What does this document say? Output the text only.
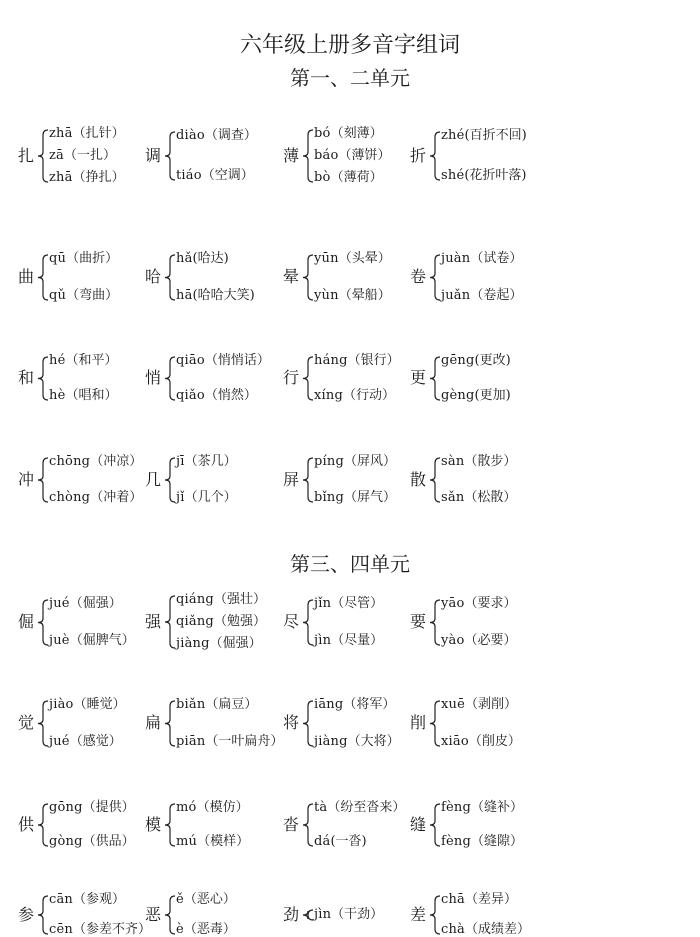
六年级上册多音字组词
第一、二单元
扎
zhā（扎针）
zā（一扎）
zhā（挣扎）
调
diào（调查）
tiáo（空调）
薄
bó（刻薄）
báo（薄饼）
bò（薄荷）
折
zhé(百折不回)
shé(花折叶落)
曲
qū（曲折）
qǔ（弯曲）
哈
hǎ(哈达)
hā(哈哈大笑)
晕
yūn（头晕）
yùn（晕船）
卷
juàn（试卷）
juǎn（卷起）
和
hé（和平）
hè（唱和）
悄
qiāo（悄悄话）
qiǎo（悄然）
行
háng（银行）
xíng（行动）
更
gēng(更改)
gèng(更加)
冲
chōng（冲凉）
chòng（冲着）
几
jī（茶几）
jǐ（几个）
屏
píng（屏风）
bǐng（屏气）
散
sàn（散步）
sǎn（松散）
第三、四单元
倔
jué（倔强）
juè（倔脾气）
强
qiáng（强壮）
qiǎng（勉强）
jiàng（倔强）
尽
jǐn（尽管）
jìn（尽量）
要
yāo（要求）
yào（必要）
觉
jiào（睡觉）
jué（感觉）
扁
biǎn（扁豆）
piān（一叶扁舟）
将
iāng（将军）
jiàng（大将）
削
xuē（剥削）
xiāo（削皮）
供
gōng（提供）
gòng（供品）
模
mó（模仿）
mú（模样）
沓
tà（纷至沓来）
dá(一沓)
缝
fèng（缝补）
fèng（缝隙）
参
cān（参观）
cēn（参差不齐）
恶
ě（恶心）
è（恶毒）
劲 jìn（干劲） 差
chā（差异）
chà（成绩差）
